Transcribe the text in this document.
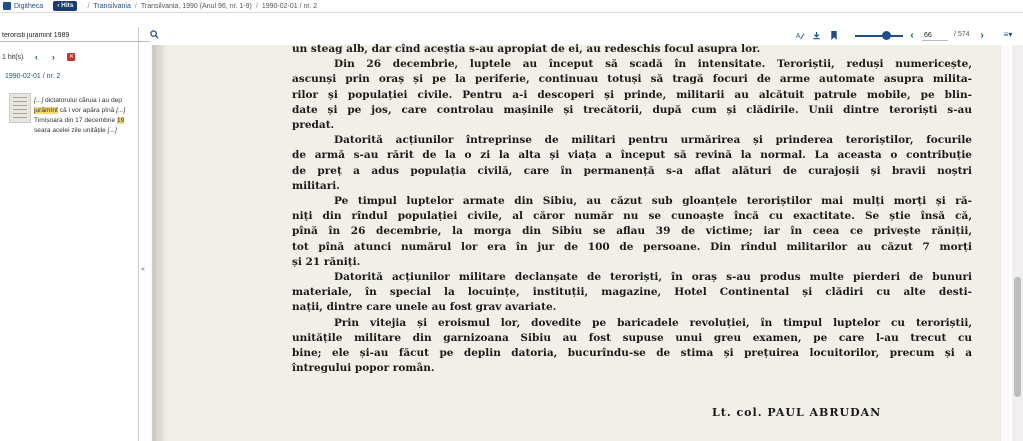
Digitheca	‹ Hits	/ Transilvania / Transilvania, 1990 (Anul 96, nr. 1-9) / 1990-02-01 / nr. 2
teroristi juramint 1989
1 hit(s) ‹ ›	✕
1990-02-01 / nr. 2
[...] dictatorului căruia i au dep
jurămînt că l vor apăra pînă [...]
Timișoara din 17 decembrie 19
seara acelei zile unitățile [...]
«
A	‹
66	/ 574	›	≡▾
un steag alb, dar cînd aceștia s-au apropiat de ei, au redeschis focul asupra lor.
Din 26 decembrie, luptele au început să scadă în intensitate. Teroriștii, reduși numericește,
ascunși prin oraș și pe la periferie, continuau totuși să tragă focuri de arme automate asupra milita-
rilor și populației civile. Pentru a-i descoperi și prinde, militarii au alcătuit patrule mobile, pe blin-
date și pe jos, care controlau mașinile și trecătorii, după cum și clădirile. Unii dintre teroriști s-au
predat.
Datorită acțiunilor întreprinse de militari pentru urmărirea și prinderea teroriștilor, focurile
de armă s-au rărit de la o zi la alta și viața a început să revină la normal. La aceasta o contribuție
de preț a adus populația civilă, care în permanență s-a aflat alături de curajoșii și bravii noștri
militari.
Pe timpul luptelor armate din Sibiu, au căzut sub gloanțele teroriștilor mai mulți morți și ră-
niți din rîndul populației civile, al căror număr nu se cunoaște încă cu exactitate. Se știe însă că,
pînă în 26 decembrie, la morga din Sibiu se aflau 39 de victime; iar în ceea ce privește răniții,
tot pînă atunci numărul lor era în jur de 100 de persoane. Din rîndul militarilor au căzut 7 morți
și 21 răniți.
Datorită acțiunilor militare declanșate de teroriști, în oraș s-au produs multe pierderi de bunuri
materiale, în special la locuințe, instituții, magazine, Hotel Continental și clădiri cu alte desti-
nații, dintre care unele au fost grav avariate.
Prin vitejia și eroismul lor, dovedite pe baricadele revoluției, în timpul luptelor cu teroriștii,
unitățile militare din garnizoana Sibiu au fost supuse unui greu examen, pe care l-au trecut cu
bine; ele și-au făcut pe deplin datoria, bucurîndu-se de stima și prețuirea locuitorilor, precum și a
întregului popor român.
Lt. col. PAUL ABRUDAN
